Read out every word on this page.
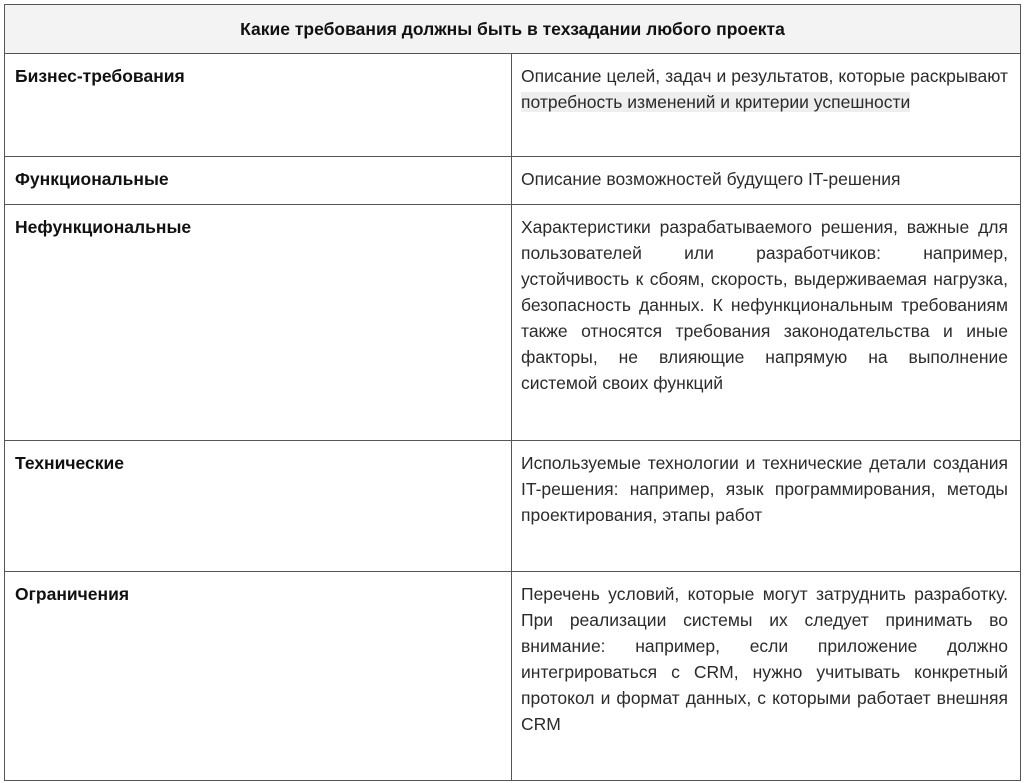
Какие требования должны быть в техзадании любого проекта	
Бизнес-требования	Описание целей, задач и результатов, которые раскрывают потребность изменений и критерии успешности
Функциональные	Описание возможностей будущего IT-решения
Нефункциональные	Характеристики разрабатываемого решения, важные для пользователей или разработчиков: например, устойчивость к сбоям, скорость, выдерживаемая нагрузка, безопасность данных. К нефункциональным требованиям также относятся требования законодательства и иные факторы, не влияющие напрямую на выполнение системой своих функций
Технические	Используемые технологии и технические детали создания IT-решения: например, язык программирования, методы проектирования, этапы работ
Ограничения	Перечень условий, которые могут затруднить разработку. При реализации системы их следует принимать во внимание: например, если приложение должно интегрироваться с CRM, нужно учитывать конкретный протокол и формат данных, с которыми работает внешняя CRM
